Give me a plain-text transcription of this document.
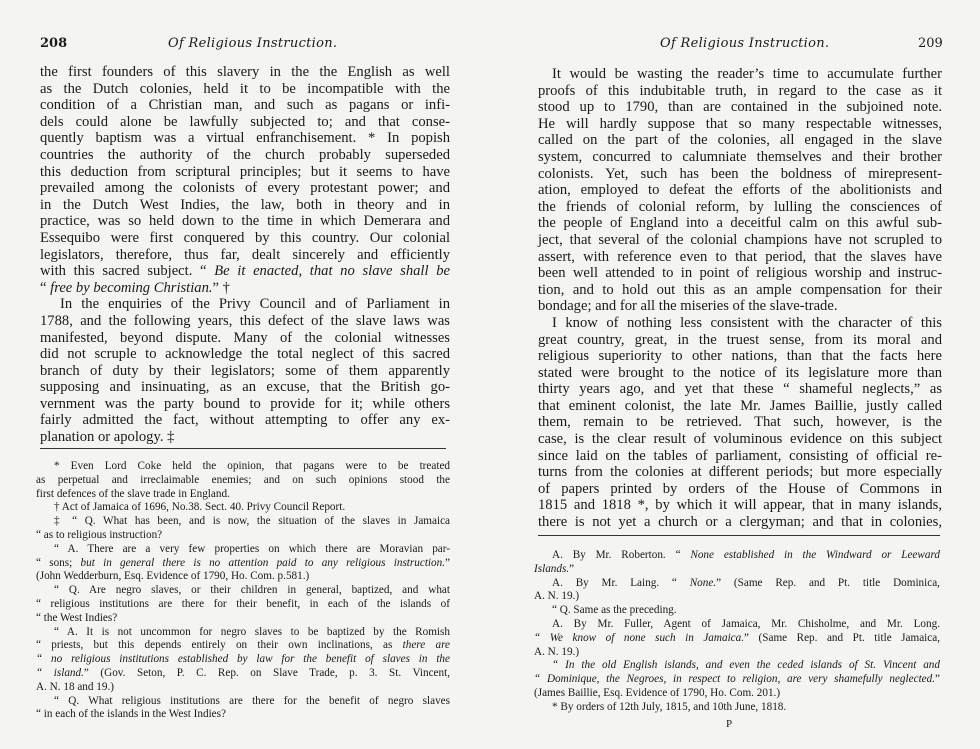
208	Of Religious Instruction.

the first founders of this slavery in the the English as well
as the Dutch colonies, held it to be incompatible with the
condition of a Christian man, and such as pagans or infi-
dels could alone be lawfully subjected to; and that conse-
quently baptism was a virtual enfranchisement. * In popish
countries the authority of the church probably superseded
this deduction from scriptural principles; but it seems to have
prevailed among the colonists of every protestant power; and
in the Dutch West Indies, the law, both in theory and in
practice, was so held down to the time in which Demerara and
Essequibo were first conquered by this country. Our colonial
legislators, therefore, thus far, dealt sincerely and efficiently
with this sacred subject. “ Be it enacted, that no slave shall be
“ free by becoming Christian.” †

In the enquiries of the Privy Council and of Parliament in
1788, and the following years, this defect of the slave laws was
manifested, beyond dispute. Many of the colonial witnesses
did not scruple to acknowledge the total neglect of this sacred
branch of duty by their legislators; some of them apparently
supposing and insinuating, as an excuse, that the British go-
vernment was the party bound to provide for it; while others
fairly admitted the fact, without attempting to offer any ex-
planation or apology. ‡

* Even Lord Coke held the opinion, that pagans were to be treated
as perpetual and irreclaimable enemies; and on such opinions stood the
first defences of the slave trade in England.
† Act of Jamaica of 1696, No.38. Sect. 40. Privy Council Report.
‡ “ Q. What has been, and is now, the situation of the slaves in Jamaica
“ as to religious instruction?
“ A. There are a very few properties on which there are Moravian par-
“ sons; but in general there is no attention paid to any religious instruction.”
(John Wedderburn, Esq. Evidence of 1790, Ho. Com. p.581.)
“ Q. Are negro slaves, or their children in general, baptized, and what
“ religious institutions are there for their benefit, in each of the islands of
“ the West Indies?
“ A. It is not uncommon for negro slaves to be baptized by the Romish
“ priests, but this depends entirely on their own inclinations, as there are
“ no religious institutions established by law for the benefit of slaves in the
“ island.” (Gov. Seton, P. C. Rep. on Slave Trade, p. 3. St. Vincent,
A. N. 18 and 19.)
“ Q. What religious institutions are there for the benefit of negro slaves
“ in each of the islands in the West Indies?
Of Religious Instruction.	209

It would be wasting the reader’s time to accumulate further
proofs of this indubitable truth, in regard to the case as it
stood up to 1790, than are contained in the subjoined note.
He will hardly suppose that so many respectable witnesses,
called on the part of the colonies, all engaged in the slave
system, concurred to calumniate themselves and their brother
colonists. Yet, such has been the boldness of mirepresent-
ation, employed to defeat the efforts of the abolitionists and
the friends of colonial reform, by lulling the consciences of
the people of England into a deceitful calm on this awful sub-
ject, that several of the colonial champions have not scrupled to
assert, with reference even to that period, that the slaves have
been well attended to in point of religious worship and instruc-
tion, and to hold out this as an ample compensation for their
bondage; and for all the miseries of the slave-trade.

I know of nothing less consistent with the character of this
great country, great, in the truest sense, from its moral and
religious superiority to other nations, than that the facts here
stated were brought to the notice of its legislature more than
thirty years ago, and yet that these “ shameful neglects,” as
that eminent colonist, the late Mr. James Baillie, justly called
them, remain to be retrieved. That such, however, is the
case, is the clear result of voluminous evidence on this subject
since laid on the tables of parliament, consisting of official re-
turns from the colonies at different periods; but more especially
of papers printed by orders of the House of Commons in
1815 and 1818 *, by which it will appear, that in many islands,
there is not yet a church or a clergyman; and that in colonies,

A. By Mr. Roberton. “ None established in the Windward or Leeward
Islands.”
A. By Mr. Laing. “ None.” (Same Rep. and Pt. title Dominica,
A. N. 19.)
“ Q. Same as the preceding.
A. By Mr. Fuller, Agent of Jamaica, Mr. Chisholme, and Mr. Long.
“ We know of none such in Jamaica.” (Same Rep. and Pt. title Jamaica,
A. N. 19.)
“ In the old English islands, and even the ceded islands of St. Vincent and
“ Dominique, the Negroes, in respect to religion, are very shamefully neglected.”
(James Baillie, Esq. Evidence of 1790, Ho. Com. 201.)
* By orders of 12th July, 1815, and 10th June, 1818.
P
